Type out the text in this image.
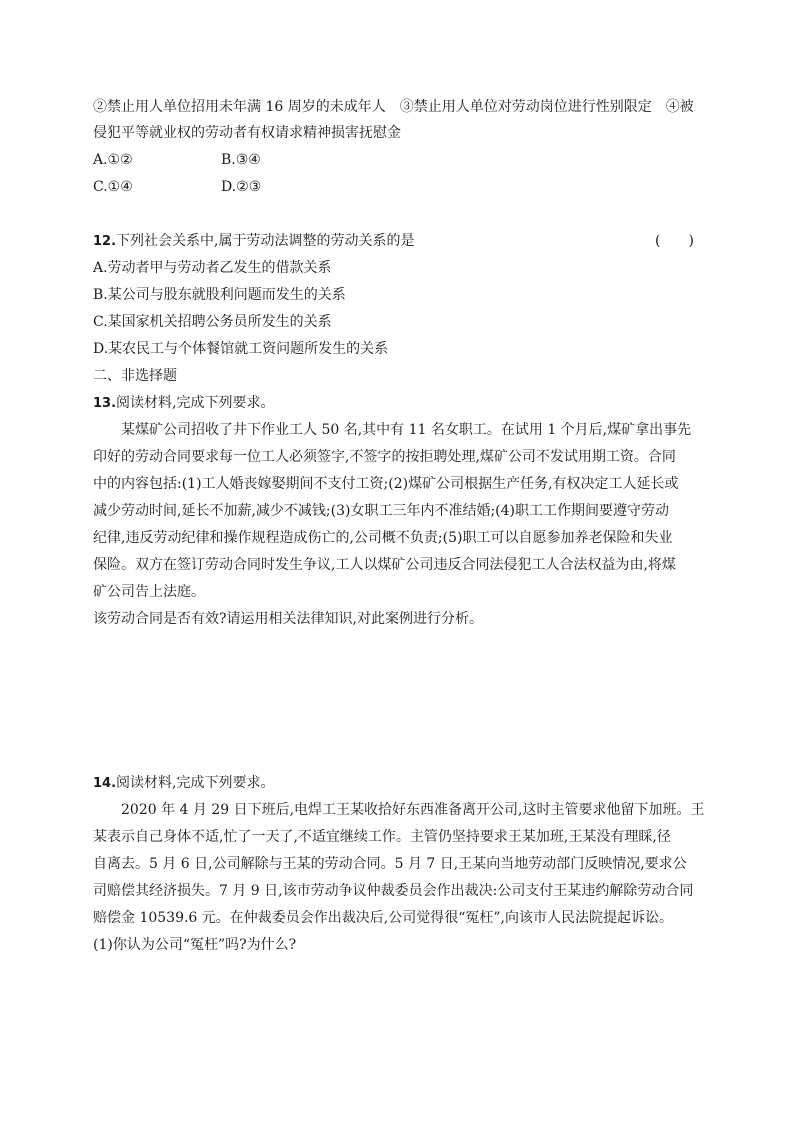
②禁止用人单位招用未年满 16 周岁的未成年人　③禁止用人单位对劳动岗位进行性别限定　④被
侵犯平等就业权的劳动者有权请求精神损害抚慰金
A.①②	B.③④
C.①④	D.②③
12.下列社会关系中,属于劳动法调整的劳动关系的是	(　　)
A.劳动者甲与劳动者乙发生的借款关系
B.某公司与股东就股利问题而发生的关系
C.某国家机关招聘公务员所发生的关系
D.某农民工与个体餐馆就工资问题所发生的关系
二、非选择题
13.阅读材料,完成下列要求。
某煤矿公司招收了井下作业工人 50 名,其中有 11 名女职工。在试用 1 个月后,煤矿拿出事先
印好的劳动合同要求每一位工人必须签字,不签字的按拒聘处理,煤矿公司不发试用期工资。合同
中的内容包括:(1)工人婚丧嫁娶期间不支付工资;(2)煤矿公司根据生产任务,有权决定工人延长或
减少劳动时间,延长不加薪,减少不减钱;(3)女职工三年内不准结婚;(4)职工工作期间要遵守劳动
纪律,违反劳动纪律和操作规程造成伤亡的,公司概不负责;(5)职工可以自愿参加养老保险和失业
保险。双方在签订劳动合同时发生争议,工人以煤矿公司违反合同法侵犯工人合法权益为由,将煤
矿公司告上法庭。
该劳动合同是否有效?请运用相关法律知识,对此案例进行分析。
14.阅读材料,完成下列要求。
2020 年 4 月 29 日下班后,电焊工王某收拾好东西准备离开公司,这时主管要求他留下加班。王
某表示自己身体不适,忙了一天了,不适宜继续工作。主管仍坚持要求王某加班,王某没有理睬,径
自离去。5 月 6 日,公司解除与王某的劳动合同。5 月 7 日,王某向当地劳动部门反映情况,要求公
司赔偿其经济损失。7 月 9 日,该市劳动争议仲裁委员会作出裁决:公司支付王某违约解除劳动合同
赔偿金 10539.6 元。在仲裁委员会作出裁决后,公司觉得很“冤枉”,向该市人民法院提起诉讼。
(1)你认为公司“冤枉”吗?为什么?
